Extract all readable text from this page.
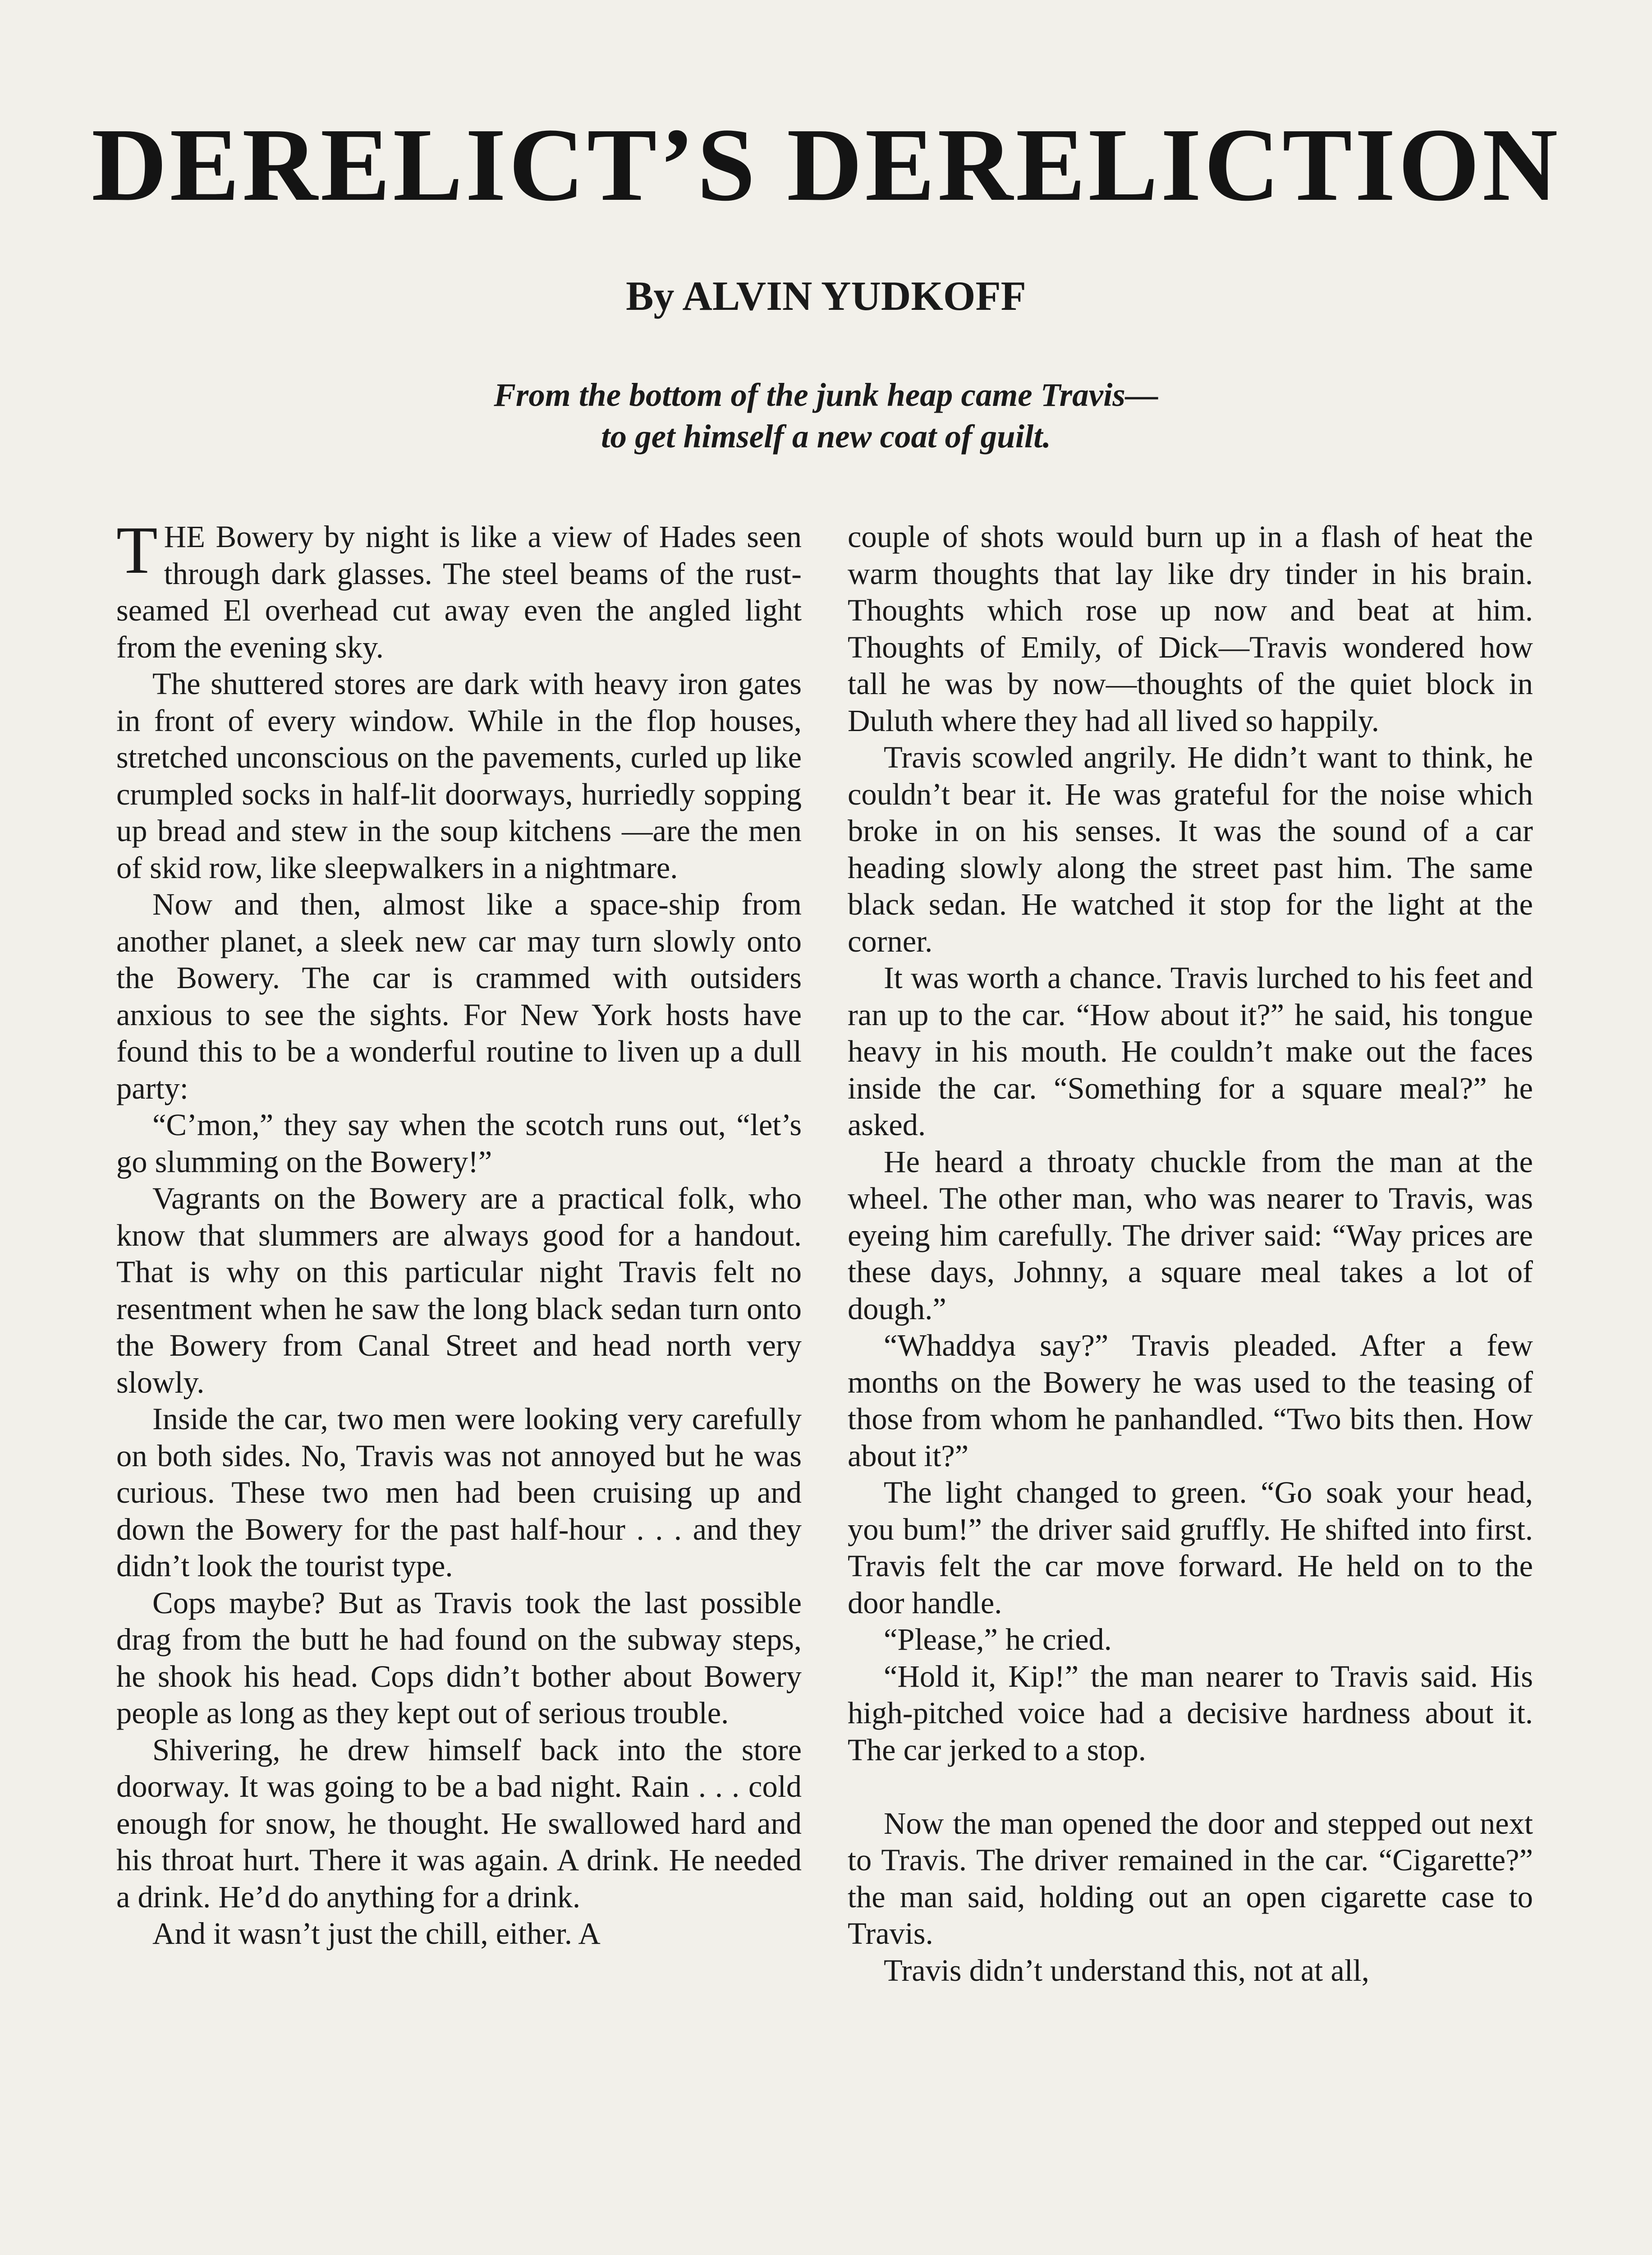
DERELICT’S DERELICTION
By ALVIN YUDKOFF
From the bottom of the junk heap came Travis—
to get himself a new coat of guilt.

THE Bowery by night is like a view of Hades seen through dark glasses. The steel beams of the rust-seamed El overhead cut away even the angled light from the evening sky.

The shuttered stores are dark with heavy iron gates in front of every window. While in the flop houses, stretched unconscious on the pavements, curled up like crumpled socks in half-lit doorways, hurriedly sopping up bread and stew in the soup kitchens —are the men of skid row, like sleepwalkers in a nightmare.

Now and then, almost like a space-ship from another planet, a sleek new car may turn slowly onto the Bowery. The car is crammed with outsiders anxious to see the sights. For New York hosts have found this to be a wonderful routine to liven up a dull party:

“C’mon,” they say when the scotch runs out, “let’s go slumming on the Bowery!”

Vagrants on the Bowery are a practical folk, who know that slummers are always good for a handout. That is why on this particular night Travis felt no resentment when he saw the long black sedan turn onto the Bowery from Canal Street and head north very slowly.

Inside the car, two men were looking very carefully on both sides. No, Travis was not annoyed but he was curious. These two men had been cruising up and down the Bowery for the past half-hour . . . and they didn’t look the tourist type.

Cops maybe? But as Travis took the last possible drag from the butt he had found on the subway steps, he shook his head. Cops didn’t bother about Bowery people as long as they kept out of serious trouble.

Shivering, he drew himself back into the store doorway. It was going to be a bad night. Rain . . . cold enough for snow, he thought. He swallowed hard and his throat hurt. There it was again. A drink. He needed a drink. He’d do anything for a drink.

And it wasn’t just the chill, either. A

couple of shots would burn up in a flash of heat the warm thoughts that lay like dry tinder in his brain. Thoughts which rose up now and beat at him. Thoughts of Emily, of Dick—Travis wondered how tall he was by now—thoughts of the quiet block in Duluth where they had all lived so happily.

Travis scowled angrily. He didn’t want to think, he couldn’t bear it. He was grateful for the noise which broke in on his senses. It was the sound of a car heading slowly along the street past him. The same black sedan. He watched it stop for the light at the corner.

It was worth a chance. Travis lurched to his feet and ran up to the car. “How about it?” he said, his tongue heavy in his mouth. He couldn’t make out the faces inside the car. “Something for a square meal?” he asked.

He heard a throaty chuckle from the man at the wheel. The other man, who was nearer to Travis, was eyeing him carefully. The driver said: “Way prices are these days, Johnny, a square meal takes a lot of dough.”

“Whaddya say?” Travis pleaded. After a few months on the Bowery he was used to the teasing of those from whom he panhandled. “Two bits then. How about it?”

The light changed to green. “Go soak your head, you bum!” the driver said gruffly. He shifted into first. Travis felt the car move forward. He held on to the door handle.

“Please,” he cried.

“Hold it, Kip!” the man nearer to Travis said. His high-pitched voice had a decisive hardness about it. The car jerked to a stop.

Now the man opened the door and stepped out next to Travis. The driver remained in the car. “Cigarette?” the man said, holding out an open cigarette case to Travis.

Travis didn’t understand this, not at all,
